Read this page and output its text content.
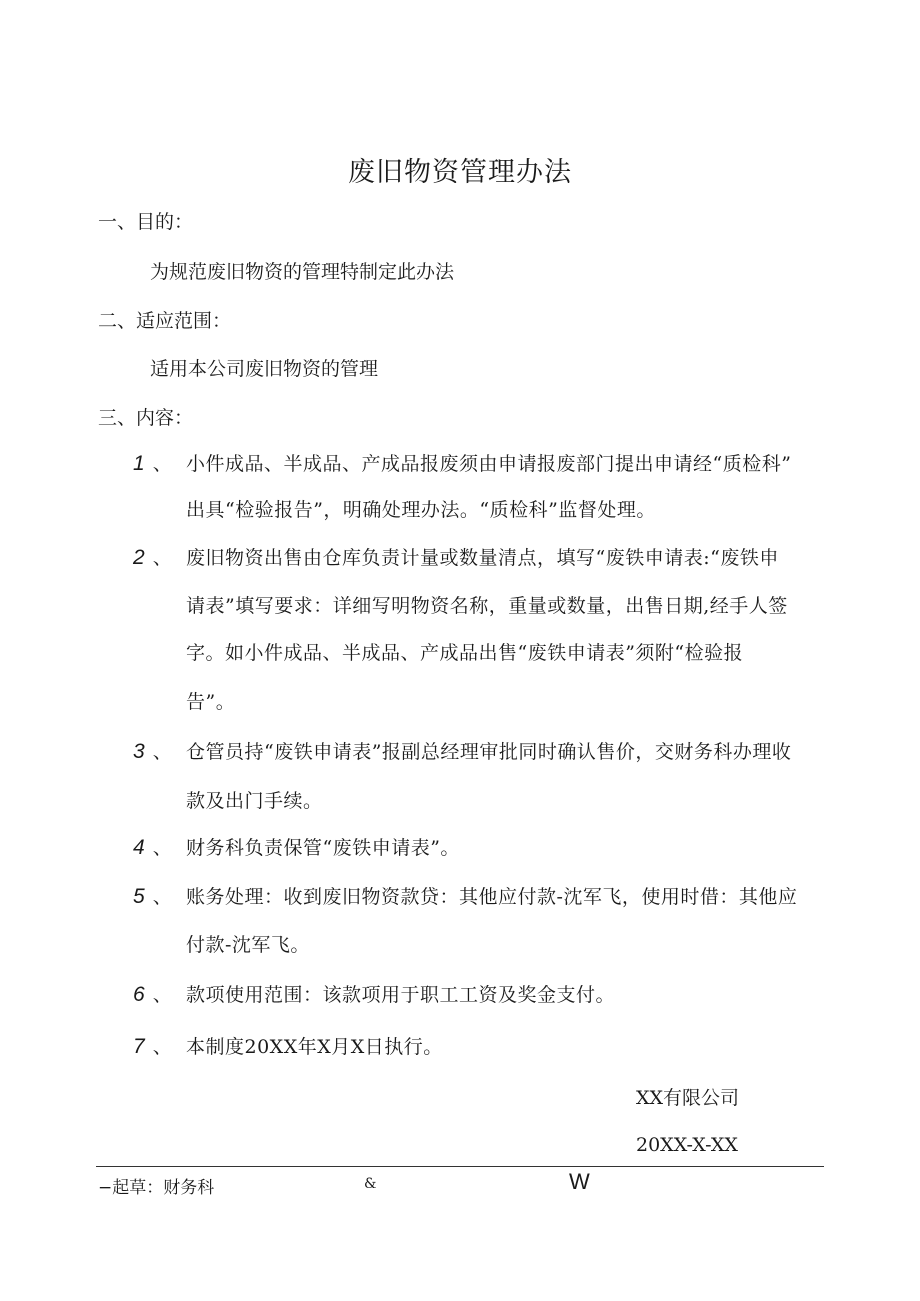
废旧物资管理办法
一、目的：
为规范废旧物资的管理特制定此办法
二、适应范围：
适用本公司废旧物资的管理
三、内容：
1 、 小件成品、半成品、产成品报废须由申请报废部门提出申请经“质检科”
出具“检验报告”，明确处理办法。“质检科”监督处理。
2 、 废旧物资出售由仓库负责计量或数量清点，填写“废铁申请表:“废铁申
请表”填写要求：详细写明物资名称，重量或数量，出售日期,经手人签
字。如小件成品、半成品、产成品出售“废铁申请表”须附“检验报
告”。
3 、 仓管员持“废铁申请表”报副总经理审批同时确认售价，交财务科办理收
款及出门手续。
4 、 财务科负责保管“废铁申请表”。
5 、 账务处理：收到废旧物资款贷：其他应付款-沈军飞，使用时借：其他应
付款-沈军飞。
6 、 款项使用范围：该款项用于职工工资及奖金支付。
7 、 本制度20XX年X月X日执行。
XX有限公司
20XX-X-XX
−起草：财务科	&	W
